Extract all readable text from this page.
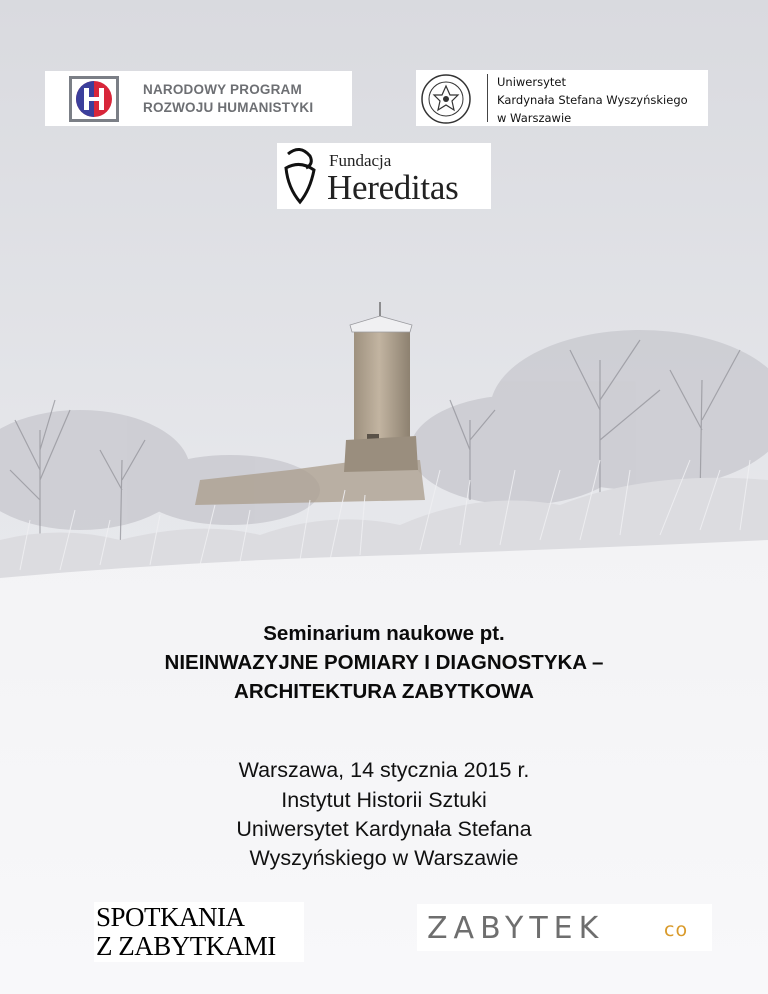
NARODOWY PROGRAM
ROZWOJU HUMANISTYKI
Uniwersytet
Kardynała Stefana Wyszyńskiego
w Warszawie
Fundacja
Hereditas
Seminarium naukowe pt.
NIEINWAZYJNE POMIARY I DIAGNOSTYKA –
ARCHITEKTURA ZABYTKOWA
Warszawa, 14 stycznia 2015 r.
Instytut Historii Sztuki
Uniwersytet Kardynała Stefana
Wyszyńskiego w Warszawie
SPOTKANIA
Z ZABYTKAMI	ZABYTEK	co
